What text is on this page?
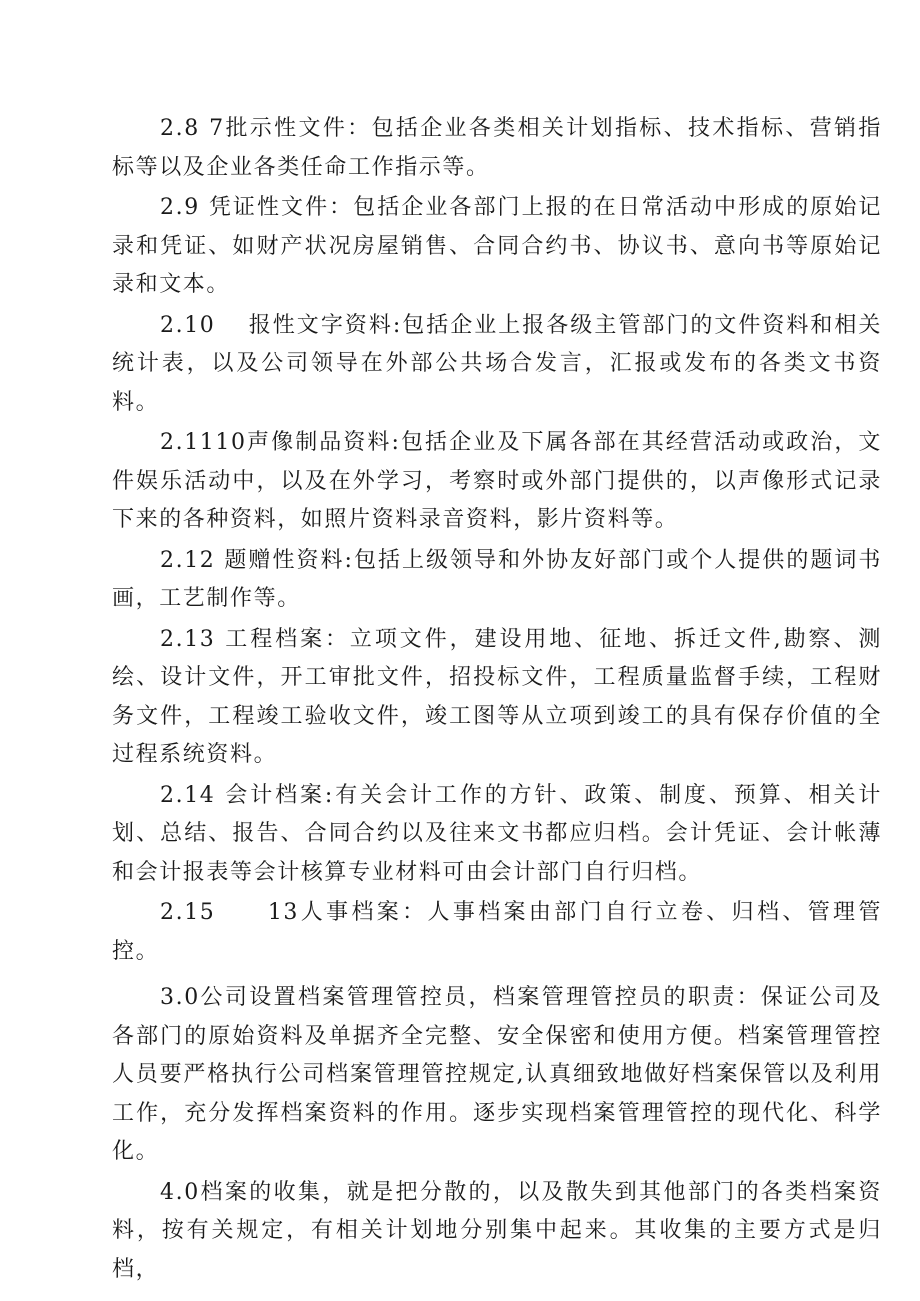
2.8 7批示性文件：包括企业各类相关计划指标、技术指标、营销指标等以及企业各类任命工作指示等。

2.9 凭证性文件：包括企业各部门上报的在日常活动中形成的原始记录和凭证、如财产状况房屋销售、合同合约书、协议书、意向书等原始记录和文本。

2.10　 报性文字资料:包括企业上报各级主管部门的文件资料和相关统计表，以及公司领导在外部公共场合发言，汇报或发布的各类文书资料。

2.1110声像制品资料:包括企业及下属各部在其经营活动或政治，文件娱乐活动中，以及在外学习，考察时或外部门提供的，以声像形式记录下来的各种资料，如照片资料录音资料，影片资料等。

2.12 题赠性资料:包括上级领导和外协友好部门或个人提供的题词书画，工艺制作等。

2.13 工程档案：立项文件，建设用地、征地、拆迁文件,勘察、测绘、设计文件，开工审批文件，招投标文件，工程质量监督手续，工程财务文件，工程竣工验收文件，竣工图等从立项到竣工的具有保存价值的全过程系统资料。

2.14 会计档案:有关会计工作的方针、政策、制度、预算、相关计划、总结、报告、合同合约以及往来文书都应归档。会计凭证、会计帐薄和会计报表等会计核算专业材料可由会计部门自行归档。

2.15　　13人事档案：人事档案由部门自行立卷、归档、管理管控。

3.0公司设置档案管理管控员，档案管理管控员的职责：保证公司及各部门的原始资料及单据齐全完整、安全保密和使用方便。档案管理管控人员要严格执行公司档案管理管控规定,认真细致地做好档案保管以及利用工作，充分发挥档案资料的作用。逐步实现档案管理管控的现代化、科学化。

4.0档案的收集，就是把分散的，以及散失到其他部门的各类档案资料，按有关规定，有相关计划地分别集中起来。其收集的主要方式是归档，
